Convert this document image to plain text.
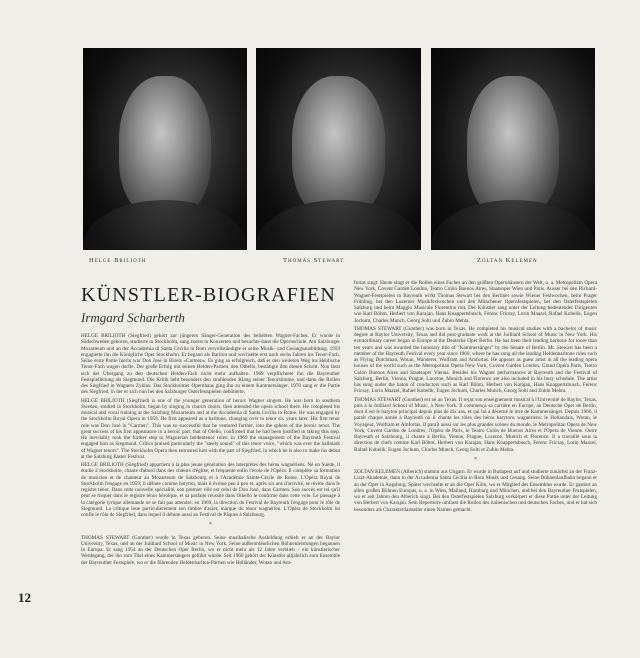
Helge Brilioth	Thomas Stewart	Zoltan Kelemen
KÜNSTLER-BIOGRAFIEN
Irmgard Scharberth

HELGE BRILIOTH (Siegfried) gehört zur jüngeren Sänger-Generation des beliebten Wagner-Faches. Er wurde in Südschweden geboren, studierte in Stockholm, sang zuerst in Konzerten und besuchte dann die Opernschule. Am Salzburger Mozarteum und an der Accademia di Santa Cecilia in Rom vervollständigte er seine Musik- und Gesangsausbildung. 1959 engagierte ihn die Königliche Oper Stockholm. Er begann als Bariton und wechselte erst nach sechs Jahren ins Tenor-Fach. Seine erste Partie hierin war Don José in Bizets »Carmen«. Es ging so erfolgreich, daß er den weiteren Weg ins Heldische Tenor-Fach wagen durfte. Der große Erfolg mit seinen Helden-Partien, den Othello, bestätigte ihm diesen Schritt. Nun lässt sich der Übergang zu den deutschen Helden-Fach nicht mehr aufhalten. 1969 verpflichtete ihn die Bayreuther Festspielleitung als Siegmund. Die Kritik hebt besonders den strahlenden Klang seiner Tenorstimme, und dann die Rollen des Siegfried in Wagners Zyklus. Das Stockholmer Opernhaus ging ihn zu einem Kammersänger. 1970 sang er die Partie des Siegfried, in der er sich nun bei den Salzburger Osterfestspielen debütierte.

HELGE BRILIOTH (Siegfried) is one of the younger generation of heroic Wagner singers. He was born in southern Sweden, studied in Stockholm, began by singing in church choirs, then attended the opera school there. He completed his musical and vocal training at the Salzburg Mozarteum and at the Accademia di Santa Cecilia in Rome. He was engaged by the Stockholm Royal Opera in 1959. He first appeared as a baritone, changing over to tenor six years later. His first tenor role was Don José in "Carmen". This was so successful that he ventured further, into the sphere of the heroic tenor. The great success of his first appearance in a heroic part, that of Otello, confirmed that he had been justified in taking this step. He inevitably took the further step to Wagnerian heldentenor roles: in 1969 the management of the Bayreuth Festival engaged him as Siegmund. Critics praised particularly the "steely sound" of this tenor voice, "which was ever the hallmark of Wagner tenors". The Stockholm Opera then entrusted him with the part of Siegfried, in which he is also to make his debut at the Salzburg Easter Festival.

HELGE BRILIOTH (Siegfried) appartient à la plus jeune génération des interprètes des héros wagnériens. Né en Suède, il étudie à Stockholm, chante d'abord dans des chœurs d'église, et fréquente enfin l'école de l'Opéra. Il complète sa formation de musicien et de chanteur au Mozarteum de Salzbourg et à l'Académie Sainte-Cécile de Rome. L'Opéra Royal de Stockholm l'engage en 1959; il débute comme baryton, mais il évolue peu à peu et, après six ans d'activité, se révèle dans le registre ténor. Dans cette nouvelle spécialité, son premier rôle est celui de Don José, dans Carmen. Son succès est tel qu'il peut se risquer dans le registre ténor héroïque, et sa parfaite réussite dans Othello le confirme dans cette voie. Le passage à la catégorie lyrique allemande ne se fait pas attendre: en 1969, la direction du Festival de Bayreuth l'engage pour le rôle de Siegmund. La critique loue particulièrement son timbre d'acier, marque du ténor wagnérien. L'Opéra de Stockholm lui confie le rôle de Siegfried, dans lequel il débute aussi au Festival de Pâques à Salzbourg.

*

THOMAS STEWART (Gunther) wurde in Texas geboren. Seine musikalische Ausbildung erhielt er an der Baylor University, Texas, und an der Juilliard School of Music in New York. Seine außerordentlichen Bühnenleistungen begannen in Europa. Er sang 1954 an der Deutschen Oper Berlin, wo er nicht mehr als 12 Jahre verblieb – ein künstlerischer Werdegang, der ihn zum Titel eines Kammersängers geführt wurde. Seit 1960 gehört der Künstler alljährlich zum Ensemble der Bayreuther Festspiele, wo er die führenden Heldenbariton-Partien wie Holländer, Wotan und Am-

fortas singt. Heute singt er die Rollen eines Faches an den größten Opernhäusern der Welt, u. a. Metropolitan Opera New York, Covent Garden London, Teatro Colón Buenos Aires, Staatsoper Wien und Paris. Ausser bei den Richard-Wagner-Festspielen in Bayreuth wirkt Thomas Stewart bei den Berliner sowie Wiener Festwochen, beim Prager Frühling, bei den Luzerner Musikfestwochen und den Münchener Opernfestspielen, bei den Osterfestspielen Salzburg und beim Maggio Musicale Fiorentino mit. Der Künstler sang unter der Leitung bedeutender Dirigenten wie Karl Böhm, Herbert von Karajan, Hans Knappertsbusch, Ferenc Fricsay, Lorin Maazel, Rafael Kubelik, Eugen Jochum, Charles Munch, Georg Solti und Zubin Mehta.

THOMAS STEWART (Gunther) was born in Texas. He completed his musical studies with a bachelor of music degree at Baylor University, Texas and did post-graduate work at the Juilliard School of Music in New York. His extraordinary career began in Europe at the Deutsche Oper Berlin. He has been their leading baritone for more than ten years and was awarded the honorary title of "Kammersänger" by the Senate of Berlin. Mr. Stewart has been a member of the Bayreuth Festival every year since 1960, where he has sung all the leading Heldenbaritone roles such as Flying Dutchman, Wotan, Wanderer, Wolfram and Amfortas. He appears as guest artist in all the leading opera houses of the world such as the Metropolitan Opera New York, Covent Garden London, Grand Opéra Paris, Teatro Colón Buenos Aires and Staatsoper Vienna. Besides his Wagner performances at Bayreuth and the Festival of Salzburg, Berlin, Vienna, Prague, Lucerne, Munich and Florence are also included in his busy schedule. The artist has sung under the baton of conductors such as Karl Böhm, Herbert von Karajan, Hans Knappertsbusch, Ferenc Fricsay, Lorin Maazel, Rafael Kubelik, Eugen Jochum, Charles Munch, Georg Solti and Zubin Mehta.

THOMAS STEWART (Gunther) est né au Texas. Il reçut son enseignement musical à l'Université de Baylor, Texas, puis à la Juilliard School of Music, à New-York. Il commença sa carrière en Europe, au Deutsche Oper de Berlin, dont il est le baryton principal depuis plus de dix ans, et qui lui a décerné le titre de Kammersänger. Depuis 1960, il paraît chaque année à Bayreuth où il chante les rôles des héros barytons wagnériens: le Hollandais, Wotan, le Voyageur, Wolfram et Amfortas. Il paraît aussi sur les plus grandes scènes du monde, le Metropolitan Opera de New York, Covent Garden de Londres, l'Opéra de Paris, le Teatro Colón de Buenos Aires et l'Opéra de Vienne. Outre Bayreuth et Salzbourg, il chante à Berlin, Vienne, Prague, Lucerne, Munich et Florence. Il a travaillé sous la direction de chefs comme Karl Böhm, Herbert von Karajan, Hans Knappertsbusch, Ferenc Fricsay, Lorin Maazel, Rafael Kubelik, Eugen Jochum, Charles Munch, Georg Solti et Zubin Mehta.

*

ZOLTAN KELEMEN (Alberich) stammt aus Ungarn. Er wurde in Budapest auf und studierte zunächst an der Franz-Liszt-Akademie, dann in der Accademia Santa Cecilia in Rom Musik und Gesang. Seine Bühnenlaufbahn begann er an der Oper in Augsburg. Später wechselte er an die Oper Köln, wo er Mitglied des Ensembles wurde. Er gastiert an allen großen Bühnen Europas, u. a. in Wien, Mailand, Hamburg und München, und bei den Bayreuther Festspielen, wo er seit Jahren den Alberich singt. Bei den Osterfestspielen Salzburg verkörpert er diese Partie unter der Leitung von Herbert von Karajan. Sein Repertoire umfasst die Rollen des italienischen und deutschen Faches, und er hat sich besonders als Charakterdarsteller einen Namen gemacht.

12
